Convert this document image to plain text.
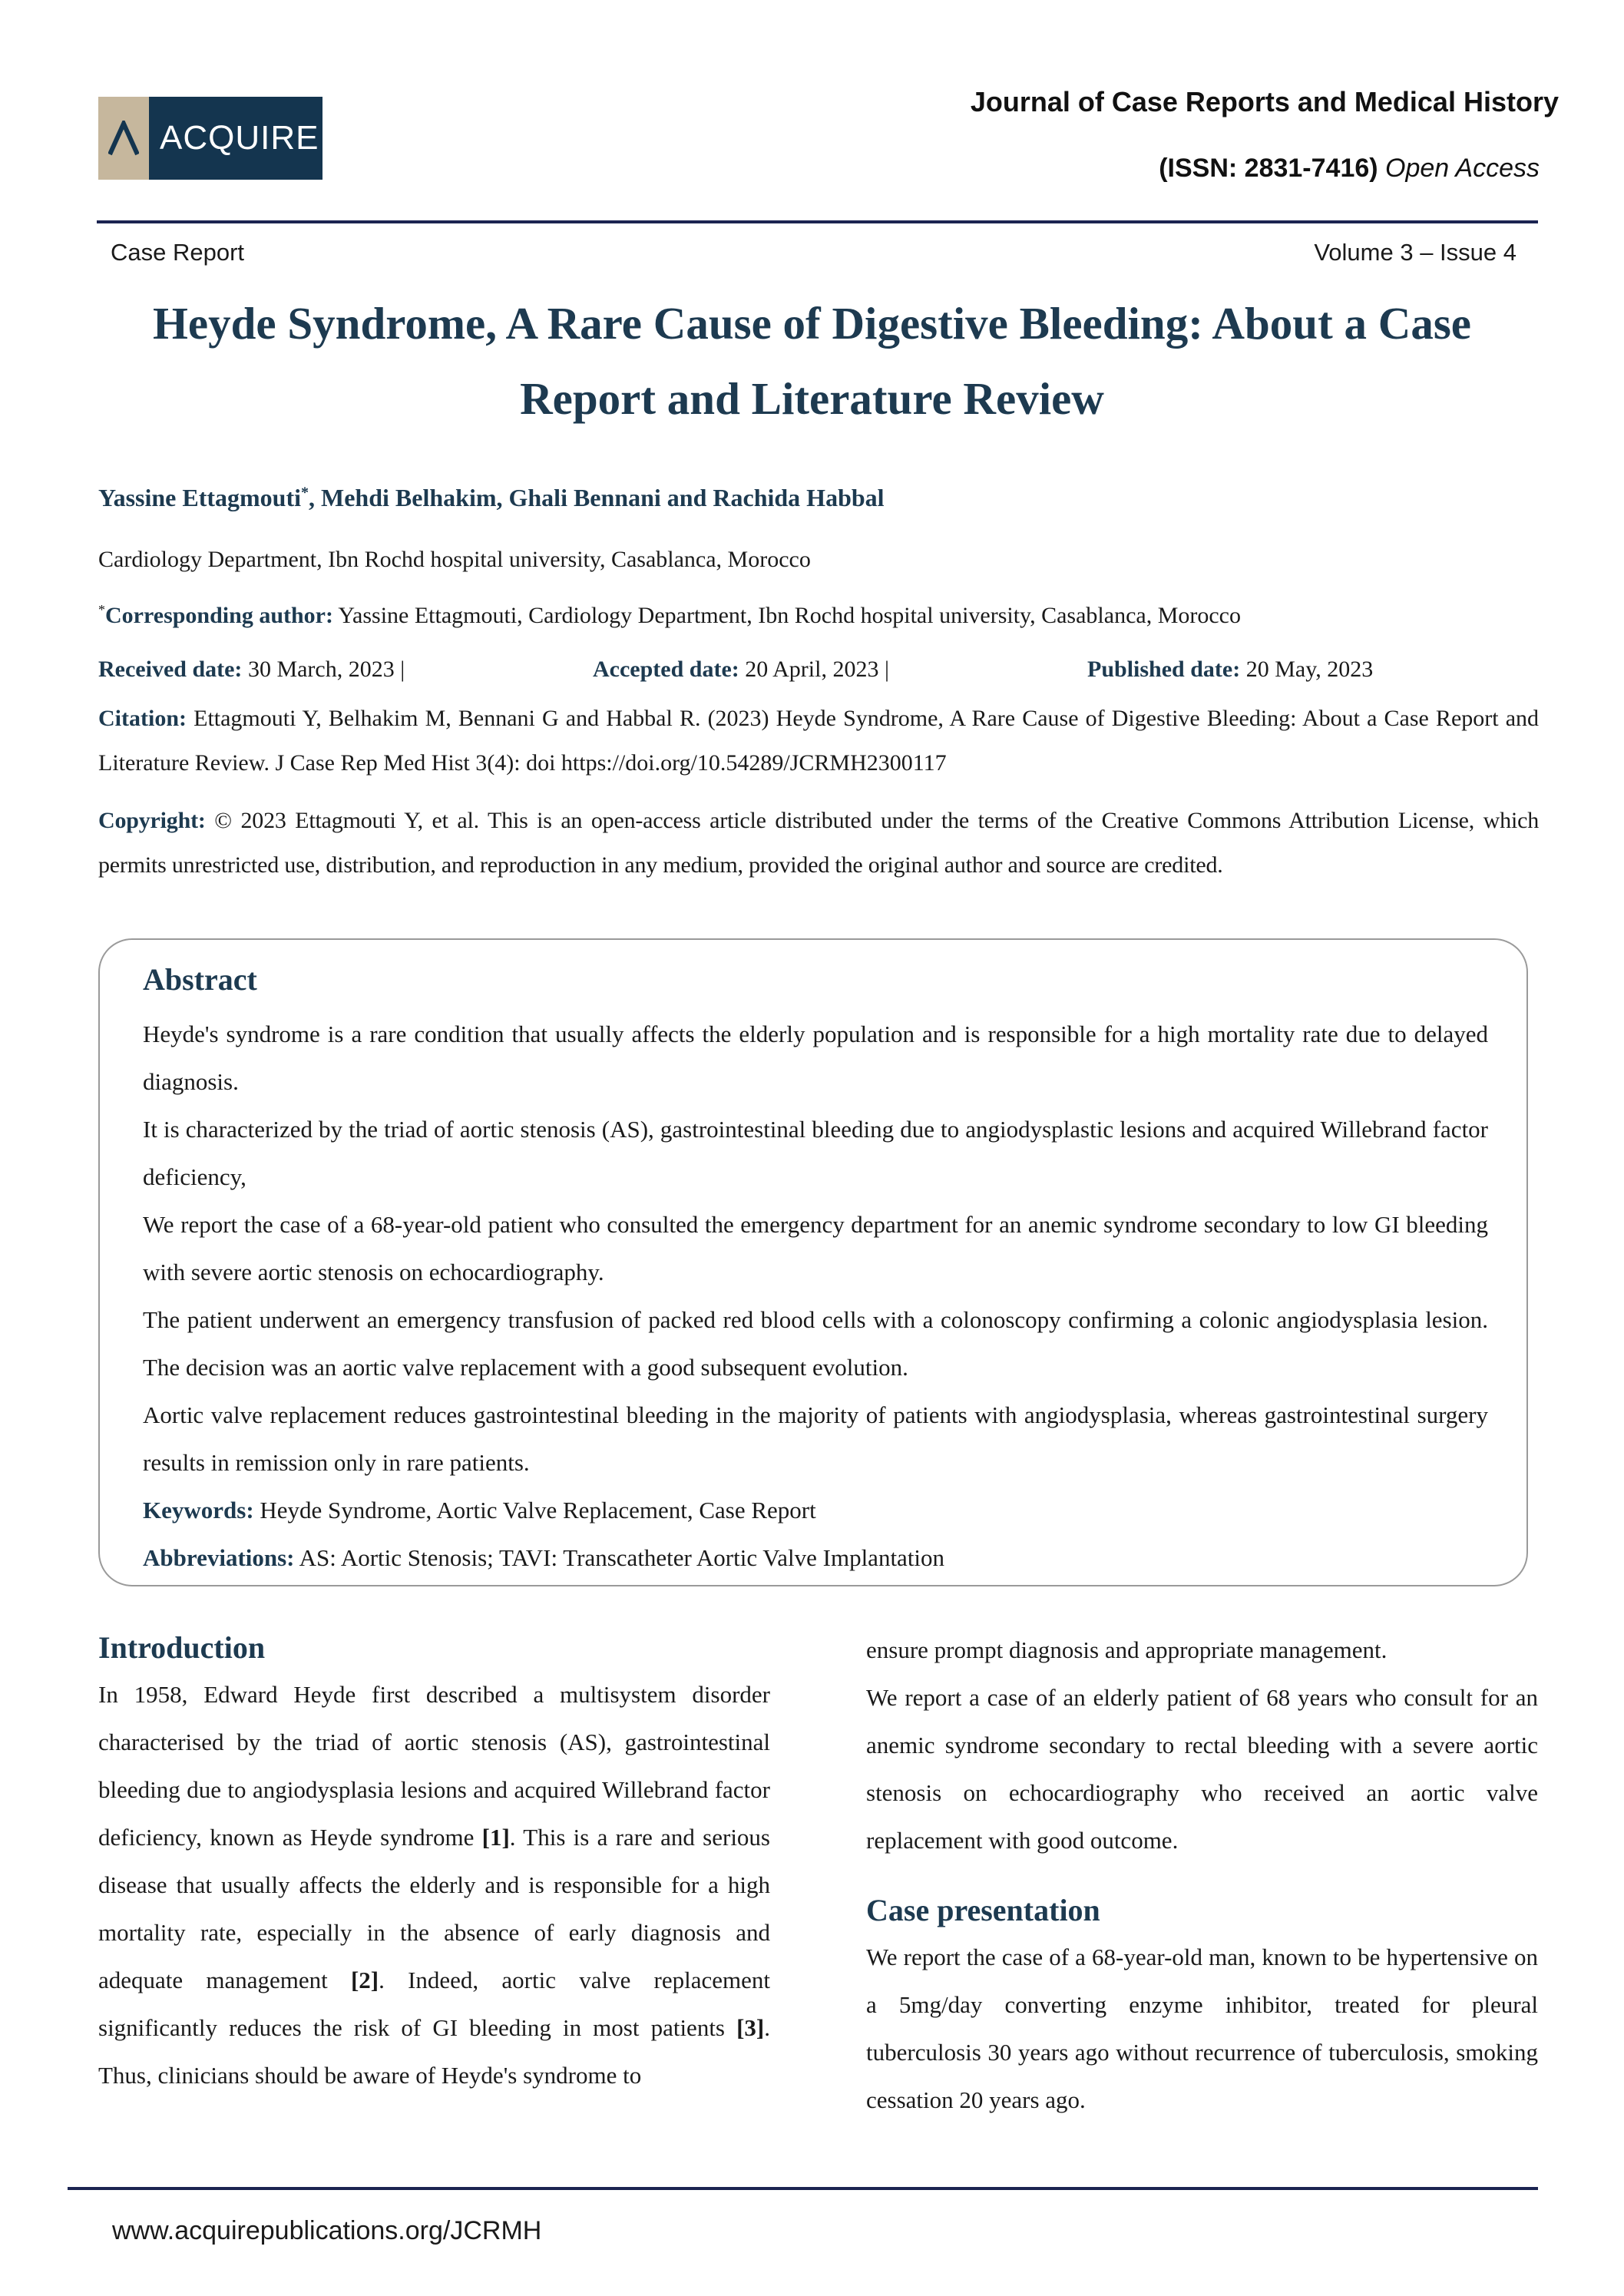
ACQUIRE
Journal of Case Reports and Medical History
(ISSN: 2831-7416) Open Access
Case Report	Volume 3 – Issue 4
Heyde Syndrome, A Rare Cause of Digestive Bleeding: About a Case Report and Literature Review
Yassine Ettagmouti*, Mehdi Belhakim, Ghali Bennani and Rachida Habbal
Cardiology Department, Ibn Rochd hospital university, Casablanca, Morocco
*Corresponding author: Yassine Ettagmouti, Cardiology Department, Ibn Rochd hospital university, Casablanca, Morocco
Received date: 30 March, 2023 |	Accepted date: 20 April, 2023 |	Published date: 20 May, 2023
Citation: Ettagmouti Y, Belhakim M, Bennani G and Habbal R. (2023) Heyde Syndrome, A Rare Cause of Digestive Bleeding: About a Case Report and Literature Review. J Case Rep Med Hist 3(4): doi https://doi.org/10.54289/JCRMH2300117
Copyright: © 2023 Ettagmouti Y, et al. This is an open-access article distributed under the terms of the Creative Commons Attribution License, which permits unrestricted use, distribution, and reproduction in any medium, provided the original author and source are credited.
Abstract

Heyde's syndrome is a rare condition that usually affects the elderly population and is responsible for a high mortality rate due to delayed diagnosis.

It is characterized by the triad of aortic stenosis (AS), gastrointestinal bleeding due to angiodysplastic lesions and acquired Willebrand factor deficiency,

We report the case of a 68-year-old patient who consulted the emergency department for an anemic syndrome secondary to low GI bleeding with severe aortic stenosis on echocardiography.

The patient underwent an emergency transfusion of packed red blood cells with a colonoscopy confirming a colonic angiodysplasia lesion. The decision was an aortic valve replacement with a good subsequent evolution.

Aortic valve replacement reduces gastrointestinal bleeding in the majority of patients with angiodysplasia, whereas gastrointestinal surgery results in remission only in rare patients.

Keywords: Heyde Syndrome, Aortic Valve Replacement, Case Report

Abbreviations: AS: Aortic Stenosis; TAVI: Transcatheter Aortic Valve Implantation

Introduction

In 1958, Edward Heyde first described a multisystem disorder characterised by the triad of aortic stenosis (AS), gastrointestinal bleeding due to angiodysplasia lesions and acquired Willebrand factor deficiency, known as Heyde syndrome [1]. This is a rare and serious disease that usually affects the elderly and is responsible for a high mortality rate, especially in the absence of early diagnosis and adequate management [2]. Indeed, aortic valve replacement significantly reduces the risk of GI bleeding in most patients [3]. Thus, clinicians should be aware of Heyde's syndrome to

ensure prompt diagnosis and appropriate management.

We report a case of an elderly patient of 68 years who consult for an anemic syndrome secondary to rectal bleeding with a severe aortic stenosis on echocardiography who received an aortic valve replacement with good outcome.

Case presentation

We report the case of a 68-year-old man, known to be hypertensive on a 5mg/day converting enzyme inhibitor, treated for pleural tuberculosis 30 years ago without recurrence of tuberculosis, smoking cessation 20 years ago.

www.acquirepublications.org/JCRMH
